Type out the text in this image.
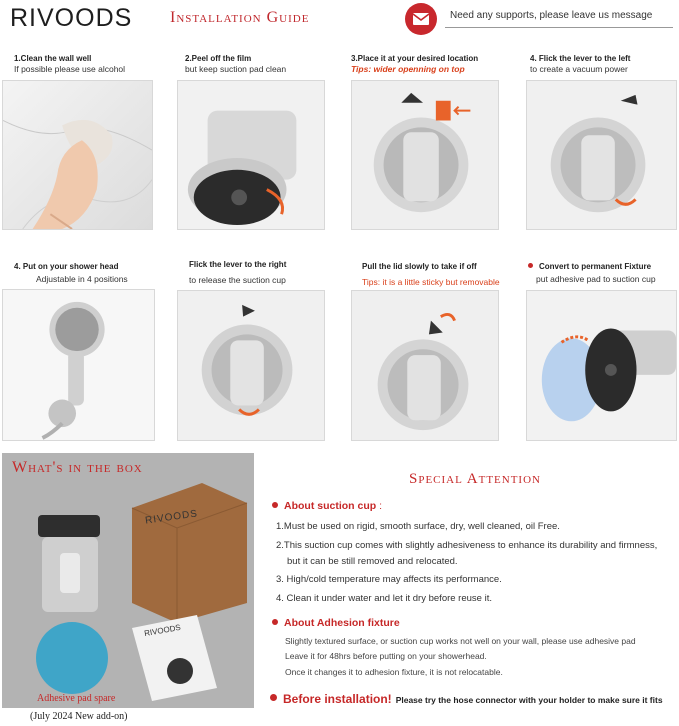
RIVOODS Installation Guide	Need any supports, please leave us message
1.Clean the wall well
If possible please use alcohol
2.Peel off the film
but keep suction pad clean
3.Place it at your desired location
Tips: wider openning on top
4. Flick the lever to the left
to create a vacuum power
4. Put on your shower head
Adjustable in 4 positions
Flick the lever to the right
to release the suction cup
Pull the lid slowly to take if off
Tips: it is a little sticky but removable
Convert to permanent Fixture
put adhesive pad to suction cup
What's in the box
RIVOODS
RIVOODS
Adhesive pad spare
(July 2024 New add-on)
Special Attention
About suction cup :
1.Must be used on rigid, smooth surface, dry, well cleaned, oil Free.
2.This suction cup comes with slightly adhesiveness to enhance its durability and firmness,
but it can be still removed and relocated.
3. High/cold temperature may affects its performance.
4. Clean it under water and let it dry before reuse it.
About Adhesion fixture
Slightly textured surface, or suction cup works not well on your wall, please use adhesive pad
Leave it for 48hrs before putting on your showerhead.
Once it changes it to adhesion fixture, it is not relocatable.
Before installation! Please try the hose connector with your holder to make sure it fits
